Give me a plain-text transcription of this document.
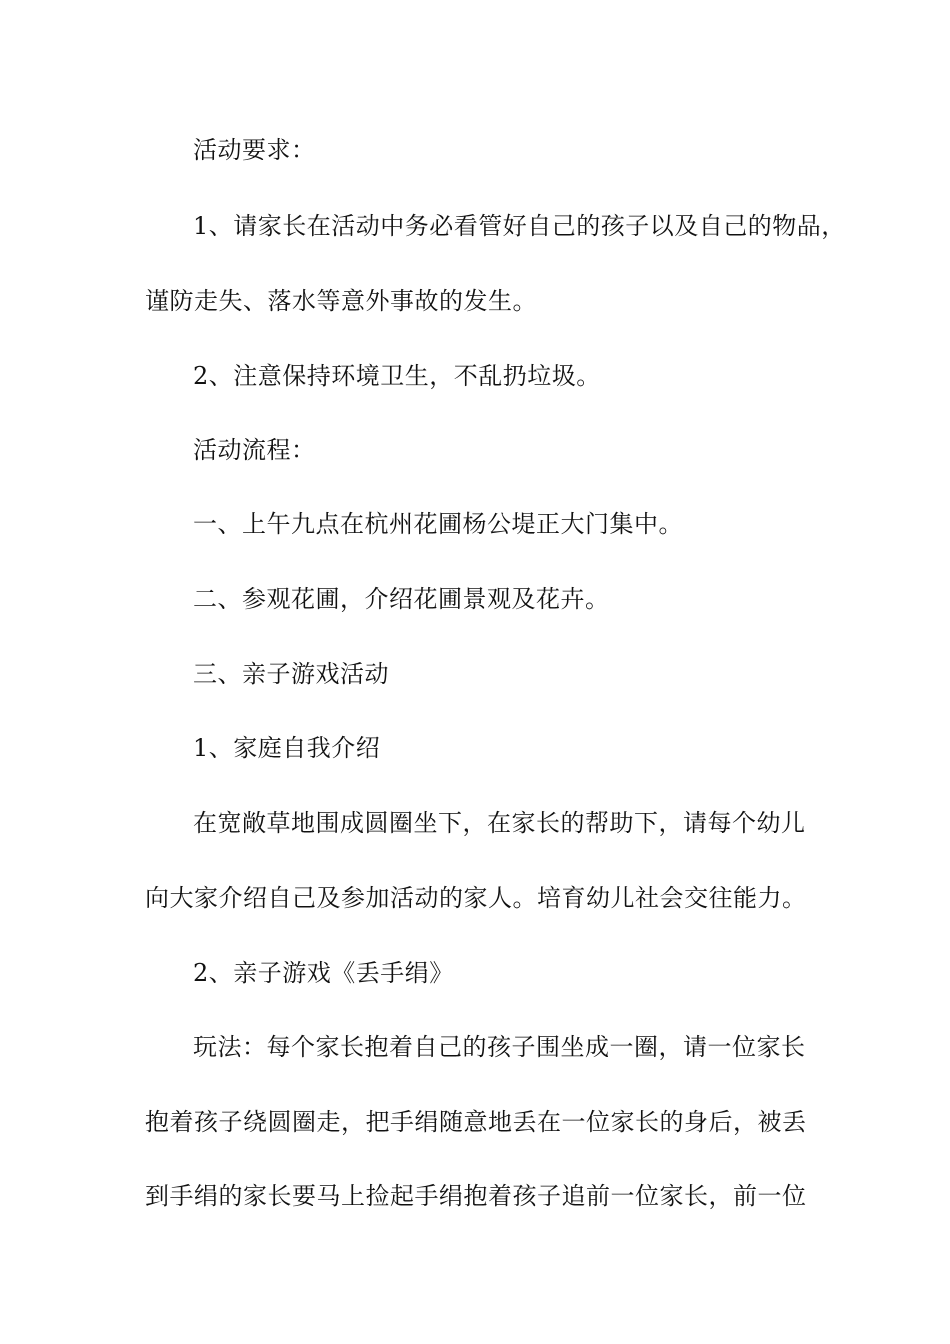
活动要求：
1、请家长在活动中务必看管好自己的孩子以及自己的物品，
谨防走失、落水等意外事故的发生。
2、注意保持环境卫生，不乱扔垃圾。
活动流程：
一、上午九点在杭州花圃杨公堤正大门集中。
二、参观花圃，介绍花圃景观及花卉。
三、亲子游戏活动
1、家庭自我介绍
在宽敞草地围成圆圈坐下，在家长的帮助下，请每个幼儿
向大家介绍自己及参加活动的家人。培育幼儿社会交往能力。
2、亲子游戏《丢手绢》
玩法：每个家长抱着自己的孩子围坐成一圈，请一位家长
抱着孩子绕圆圈走，把手绢随意地丢在一位家长的身后，被丢
到手绢的家长要马上捡起手绢抱着孩子追前一位家长，前一位
